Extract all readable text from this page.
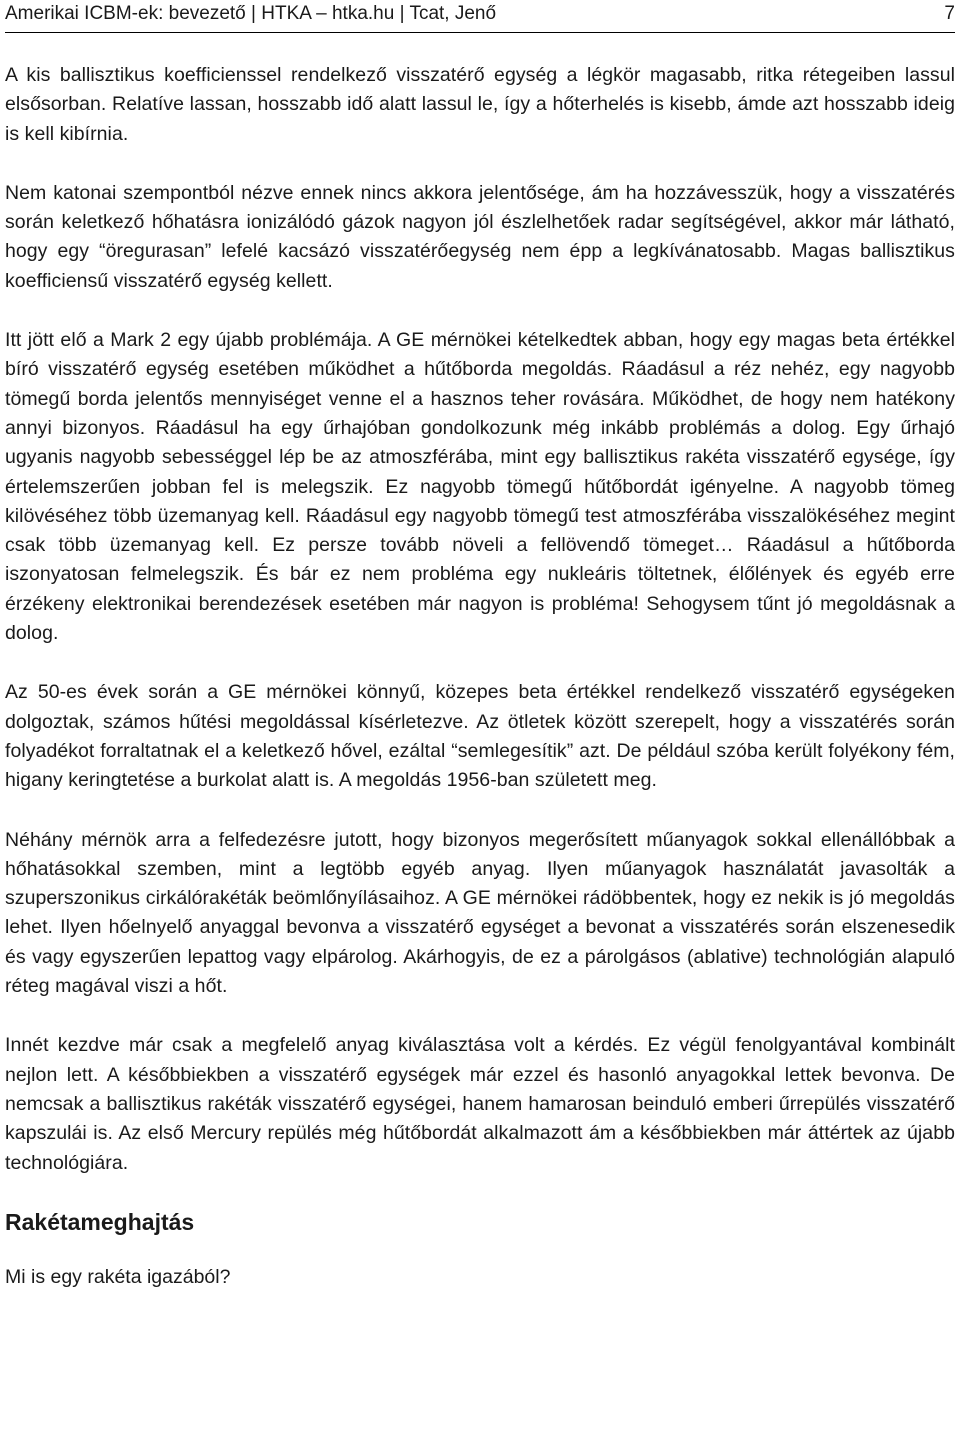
Amerikai ICBM-ek: bevezető | HTKA – htka.hu | Tcat, Jenő	7

A kis ballisztikus koefficienssel rendelkező visszatérő egység a légkör magasabb, ritka rétegeiben lassul elsősorban. Relatíve lassan, hosszabb idő alatt lassul le, így a hőterhelés is kisebb, ámde azt hosszabb ideig is kell kibírnia.

Nem katonai szempontból nézve ennek nincs akkora jelentősége, ám ha hozzávesszük, hogy a visszatérés során keletkező hőhatásra ionizálódó gázok nagyon jól észlelhetőek radar segítségével, akkor már látható, hogy egy “öregurasan” lefelé kacsázó visszatérőegység nem épp a legkívánatosabb. Magas ballisztikus koefficiensű visszatérő egység kellett.

Itt jött elő a Mark 2 egy újabb problémája. A GE mérnökei kételkedtek abban, hogy egy magas beta értékkel bíró visszatérő egység esetében működhet a hűtőborda megoldás. Ráadásul a réz nehéz, egy nagyobb tömegű borda jelentős mennyiséget venne el a hasznos teher rovására. Működhet, de hogy nem hatékony annyi bizonyos. Ráadásul ha egy űrhajóban gondolkozunk még inkább problémás a dolog. Egy űrhajó ugyanis nagyobb sebességgel lép be az atmoszférába, mint egy ballisztikus rakéta visszatérő egysége, így értelemszerűen jobban fel is melegszik. Ez nagyobb tömegű hűtőbordát igényelne. A nagyobb tömeg kilövéséhez több üzemanyag kell. Ráadásul egy nagyobb tömegű test atmoszférába visszalökéséhez megint csak több üzemanyag kell. Ez persze tovább növeli a fellövendő tömeget… Ráadásul a hűtőborda iszonyatosan felmelegszik. És bár ez nem probléma egy nukleáris töltetnek, élőlények és egyéb erre érzékeny elektronikai berendezések esetében már nagyon is probléma! Sehogysem tűnt jó megoldásnak a dolog.

Az 50-es évek során a GE mérnökei könnyű, közepes beta értékkel rendelkező visszatérő egységeken dolgoztak, számos hűtési megoldással kísérletezve. Az ötletek között szerepelt, hogy a visszatérés során folyadékot forraltatnak el a keletkező hővel, ezáltal “semlegesítik” azt. De például szóba került folyékony fém, higany keringtetése a burkolat alatt is. A megoldás 1956-ban született meg.

Néhány mérnök arra a felfedezésre jutott, hogy bizonyos megerősített műanyagok sokkal ellenállóbbak a hőhatásokkal szemben, mint a legtöbb egyéb anyag. Ilyen műanyagok használatát javasolták a szuperszonikus cirkálórakéták beömlőnyílásaihoz. A GE mérnökei rádöbbentek, hogy ez nekik is jó megoldás lehet. Ilyen hőelnyelő anyaggal bevonva a visszatérő egységet a bevonat a visszatérés során elszenesedik és vagy egyszerűen lepattog vagy elpárolog. Akárhogyis, de ez a párolgásos (ablative) technológián alapuló réteg magával viszi a hőt.

Innét kezdve már csak a megfelelő anyag kiválasztása volt a kérdés. Ez végül fenolgyantával kombinált nejlon lett. A későbbiekben a visszatérő egységek már ezzel és hasonló anyagokkal lettek bevonva. De nemcsak a ballisztikus rakéták visszatérő egységei, hanem hamarosan beinduló emberi űrrepülés visszatérő kapszulái is. Az első Mercury repülés még hűtőbordát alkalmazott ám a későbbiekben már áttértek az újabb technológiára.

Rakétameghajtás

Mi is egy rakéta igazából?
